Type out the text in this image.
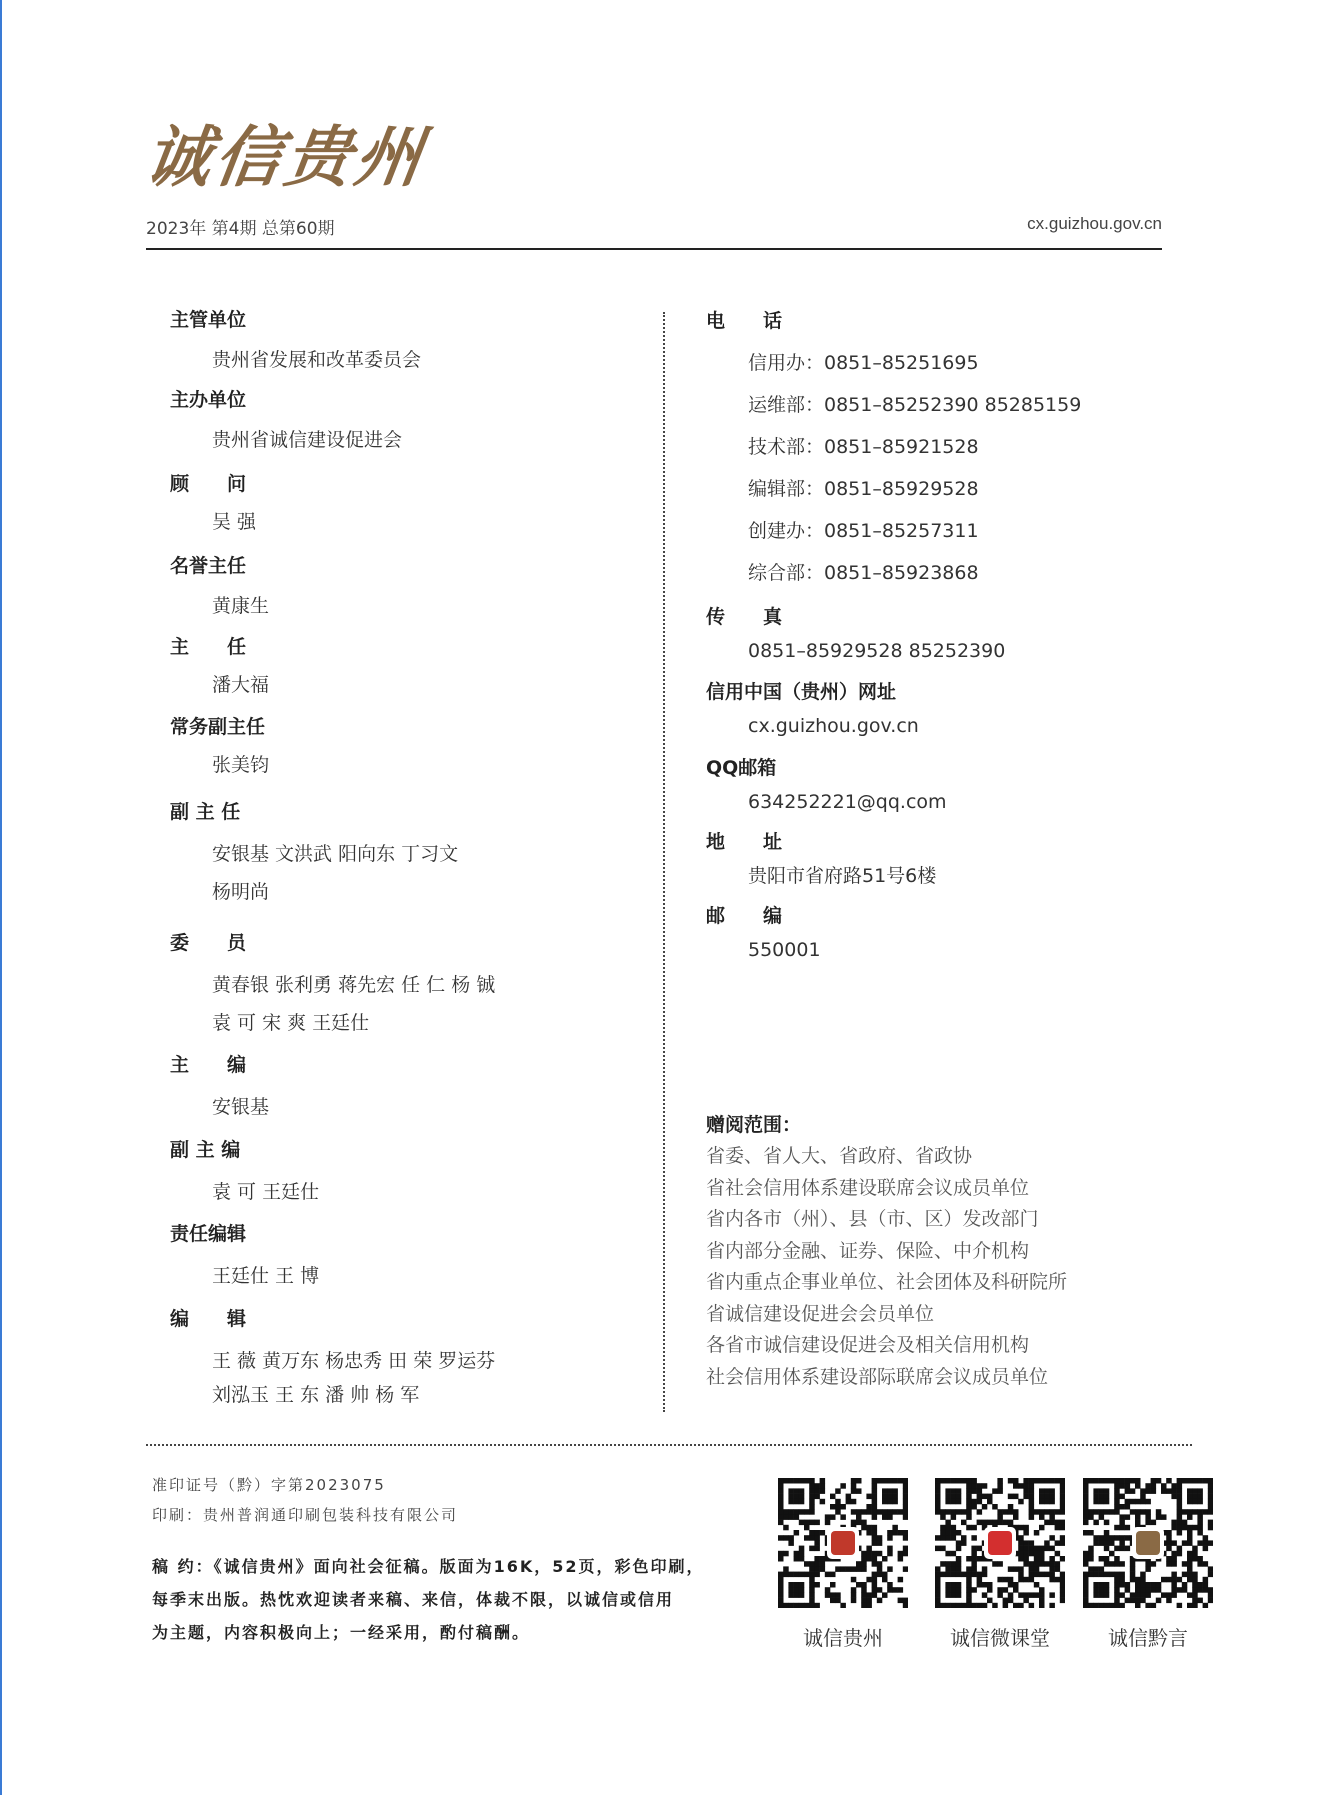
诚信贵州
2023年 第4期 总第60期	cx.guizhou.gov.cn
主管单位
贵州省发展和改革委员会
主办单位
贵州省诚信建设促进会
顾　　问
吴 强
名誉主任
黄康生
主　　任
潘大福
常务副主任
张美钧
副 主 任
安银基 文洪武 阳向东 丁习文
杨明尚
委　　员
黄春银 张利勇 蒋先宏 任 仁 杨 铖
袁 可 宋 爽 王廷仕
主　　编
安银基
副 主 编
袁 可 王廷仕
责任编辑
王廷仕 王 博
编　　辑
王 薇 黄万东 杨忠秀 田 荣 罗运芬
刘泓玉 王 东 潘 帅 杨 军
电　　话
信用办：0851–85251695
运维部：0851–85252390 85285159
技术部：0851–85921528
编辑部：0851–85929528
创建办：0851–85257311
综合部：0851–85923868
传　　真
0851–85929528 85252390
信用中国（贵州）网址
cx.guizhou.gov.cn
QQ邮箱
634252221@qq.com
地　　址
贵阳市省府路51号6楼
邮　　编
550001
赠阅范围：
省委、省人大、省政府、省政协
省社会信用体系建设联席会议成员单位
省内各市（州）、县（市、区）发改部门
省内部分金融、证券、保险、中介机构
省内重点企事业单位、社会团体及科研院所
省诚信建设促进会会员单位
各省市诚信建设促进会及相关信用机构
社会信用体系建设部际联席会议成员单位
准印证号（黔）字第2023075
印刷：贵州普润通印刷包装科技有限公司
稿 约：《诚信贵州》面向社会征稿。版面为16K，52页，彩色印刷，
每季末出版。热忱欢迎读者来稿、来信，体裁不限，以诚信或信用
为主题，内容积极向上；一经采用，酌付稿酬。	诚信贵州	诚信微课堂	诚信黔言
